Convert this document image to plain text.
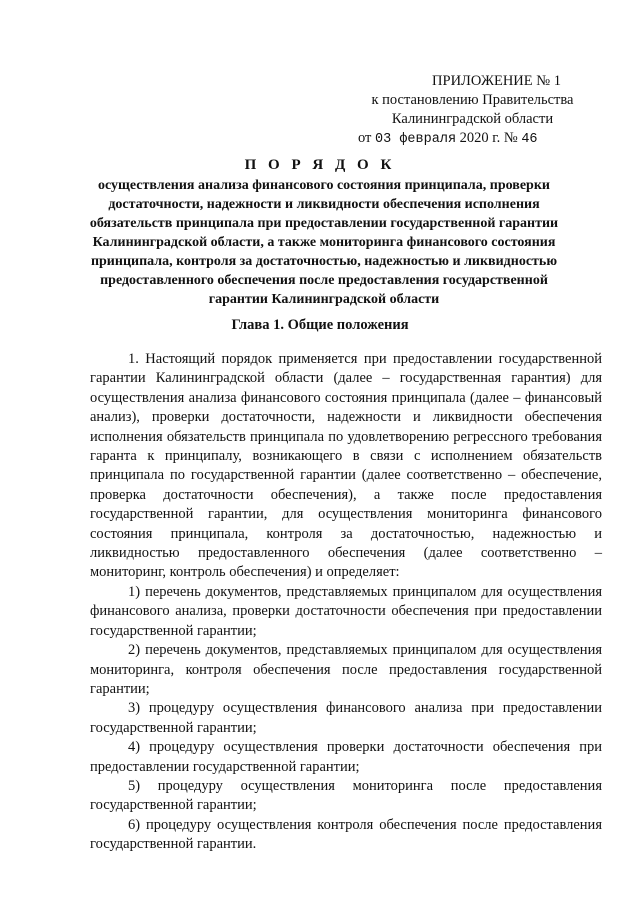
ПРИЛОЖЕНИЕ № 1
к постановлению Правительства
Калининградской области
от 03 февраля 2020 г. № 46
П О Р Я Д О К
осуществления анализа финансового состояния принципала, проверки достаточности, надежности и ликвидности обеспечения исполнения обязательств принципала при предоставлении государственной гарантии Калининградской области, а также мониторинга финансового состояния принципала, контроля за достаточностью, надежностью и ликвидностью предоставленного обеспечения после предоставления государственной гарантии Калининградской области
Глава 1. Общие положения

1. Настоящий порядок применяется при предоставлении государственной гарантии Калининградской области (далее – государственная гарантия) для осуществления анализа финансового состояния принципала (далее – финансовый анализ), проверки достаточности, надежности и ликвидности обеспечения исполнения обязательств принципала по удовлетворению регрессного требования гаранта к принципалу, возникающего в связи с исполнением обязательств принципала по государственной гарантии (далее соответственно – обеспечение, проверка достаточности обеспечения), а также после предоставления государственной гарантии, для осуществления мониторинга финансового состояния принципала, контроля за достаточностью, надежностью и ликвидностью предоставленного обеспечения (далее соответственно – мониторинг, контроль обеспечения) и определяет:

1) перечень документов, представляемых принципалом для осуществления финансового анализа, проверки достаточности обеспечения при предоставлении государственной гарантии;

2) перечень документов, представляемых принципалом для осуществления мониторинга, контроля обеспечения после предоставления государственной гарантии;

3) процедуру осуществления финансового анализа при предоставлении государственной гарантии;

4) процедуру осуществления проверки достаточности обеспечения при предоставлении государственной гарантии;

5) процедуру осуществления мониторинга после предоставления государственной гарантии;

6) процедуру осуществления контроля обеспечения после предоставления государственной гарантии.
